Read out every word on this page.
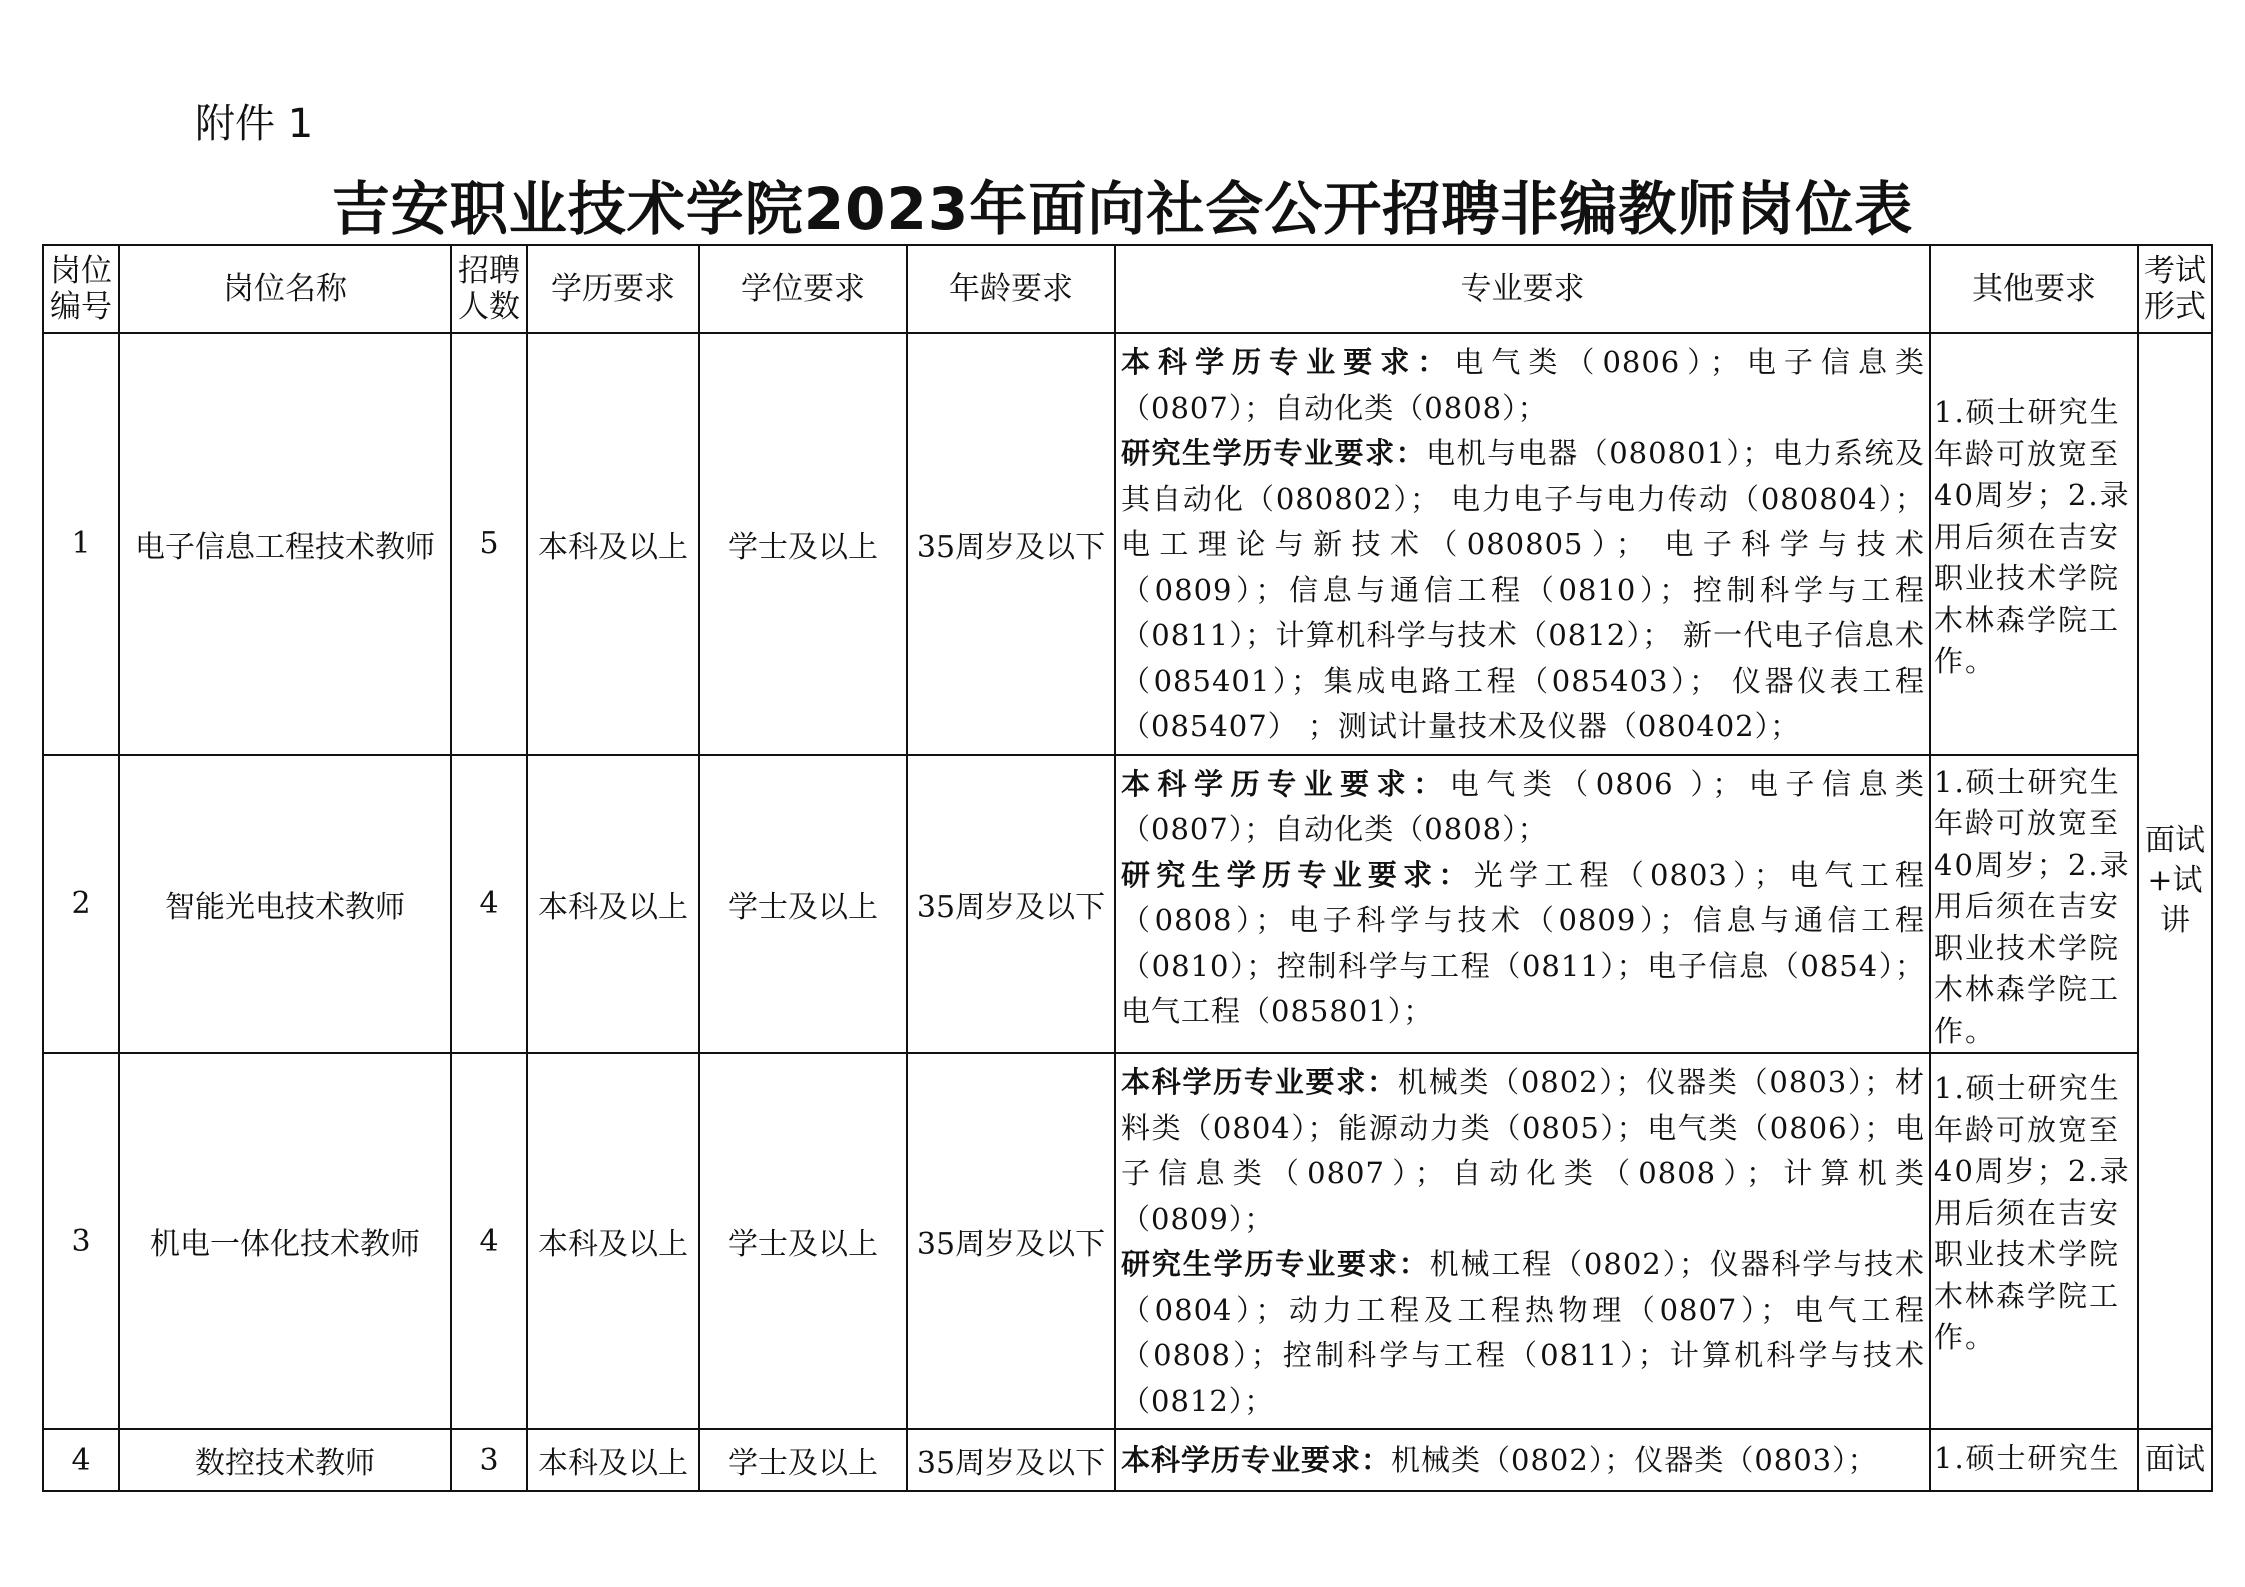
附件 1
吉安职业技术学院2023年面向社会公开招聘非编教师岗位表
岗位编号	岗位名称	招聘人数	学历要求	学位要求	年龄要求	专业要求	其他要求	考试形式
1	电子信息工程技术教师	5	本科及以上	学士及以上	35周岁及以下	本科学历专业要求：电气类（0806）；电子信息类（0807）；自动化类（0808）；
研究生学历专业要求：电机与电器（080801）；电力系统及其自动化（080802）； 电力电子与电力传动（080804）；电工理论与新技术（080805）； 电子科学与技术（0809）；信息与通信工程（0810）；控制科学与工程（0811）；计算机科学与技术（0812）； 新一代电子信息术（085401）；集成电路工程（085403）； 仪器仪表工程（085407） ；测试计量技术及仪器（080402）；	1.硕士研究生年龄可放宽至40周岁；2.录用后须在吉安职业技术学院木林森学院工作。	面试+试讲
2	智能光电技术教师	4	本科及以上	学士及以上	35周岁及以下	本科学历专业要求：电气类（0806 ）；电子信息类（0807）；自动化类（0808）；
研究生学历专业要求：光学工程（0803）；电气工程（0808）；电子科学与技术（0809）；信息与通信工程（0810）；控制科学与工程（0811）；电子信息（0854）；电气工程（085801）；	1.硕士研究生年龄可放宽至40周岁；2.录用后须在吉安职业技术学院木林森学院工作。	
3	机电一体化技术教师	4	本科及以上	学士及以上	35周岁及以下	本科学历专业要求：机械类（0802）；仪器类（0803）；材料类（0804）；能源动力类（0805）；电气类（0806）；电子信息类（0807）；自动化类（0808）；计算机类（0809）；
研究生学历专业要求：机械工程（0802）；仪器科学与技术（0804）；动力工程及工程热物理（0807）；电气工程（0808）；控制科学与工程（0811）；计算机科学与技术（0812）；	1.硕士研究生年龄可放宽至40周岁；2.录用后须在吉安职业技术学院木林森学院工作。	
4	数控技术教师	3	本科及以上	学士及以上	35周岁及以下	本科学历专业要求：机械类（0802）；仪器类（0803）；	1.硕士研究生	面试
